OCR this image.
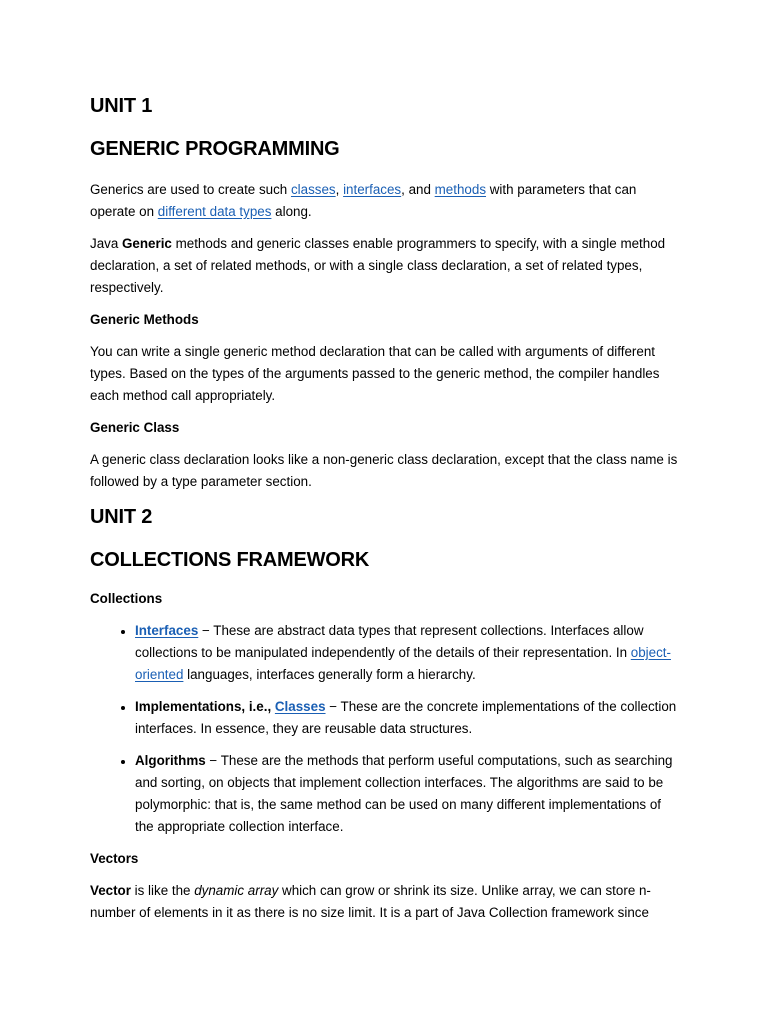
UNIT 1
GENERIC PROGRAMMING

Generics are used to create such classes, interfaces, and methods with parameters that can operate on different data types along.

Java Generic methods and generic classes enable programmers to specify, with a single method declaration, a set of related methods, or with a single class declaration, a set of related types, respectively.

Generic Methods

You can write a single generic method declaration that can be called with arguments of different types. Based on the types of the arguments passed to the generic method, the compiler handles each method call appropriately.

Generic Class

A generic class declaration looks like a non-generic class declaration, except that the class name is followed by a type parameter section.

UNIT 2
COLLECTIONS FRAMEWORK
Collections
• Interfaces − These are abstract data types that represent collections. Interfaces allow collections to be manipulated independently of the details of their representation. In object-oriented languages, interfaces generally form a hierarchy.
• Implementations, i.e., Classes − These are the concrete implementations of the collection interfaces. In essence, they are reusable data structures.
• Algorithms − These are the methods that perform useful computations, such as searching and sorting, on objects that implement collection interfaces. The algorithms are said to be polymorphic: that is, the same method can be used on many different implementations of the appropriate collection interface.
Vectors

Vector is like the dynamic array which can grow or shrink its size. Unlike array, we can store n-number of elements in it as there is no size limit. It is a part of Java Collection framework since
